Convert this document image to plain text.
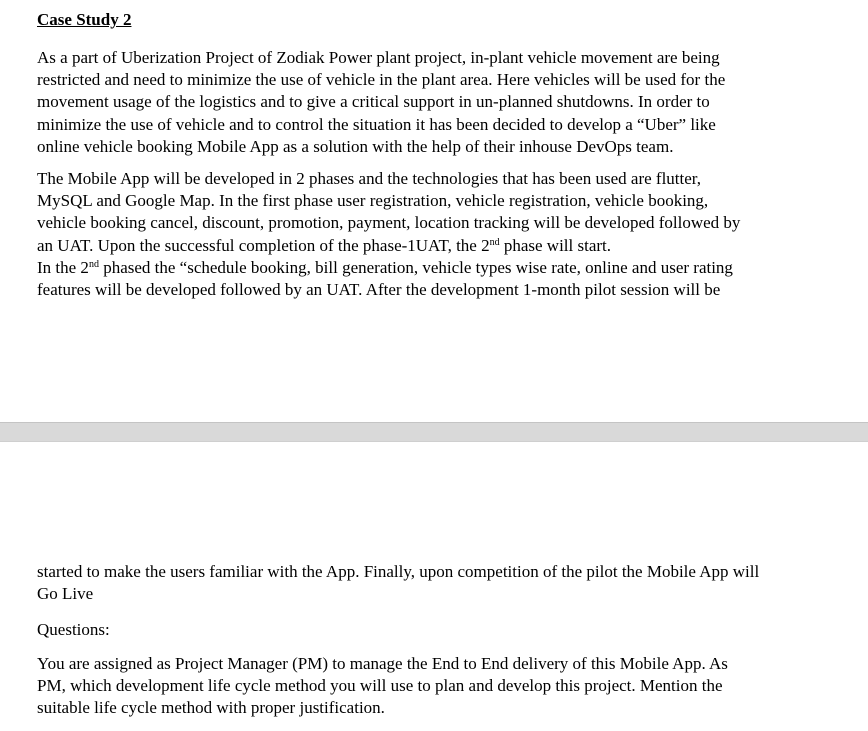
Case Study 2
As a part of Uberization Project of Zodiak Power plant project, in-plant vehicle movement are being
restricted and need to minimize the use of vehicle in the plant area. Here vehicles will be used for the
movement usage of the logistics and to give a critical support in un-planned shutdowns. In order to
minimize the use of vehicle and to control the situation it has been decided to develop a “Uber” like
online vehicle booking Mobile App as a solution with the help of their inhouse DevOps team.
The Mobile App will be developed in 2 phases and the technologies that has been used are flutter,
MySQL and Google Map. In the first phase user registration, vehicle registration, vehicle booking,
vehicle booking cancel, discount, promotion, payment, location tracking will be developed followed by
an UAT. Upon the successful completion of the phase-1UAT, the 2nd phase will start.
In the 2nd phased the “schedule booking, bill generation, vehicle types wise rate, online and user rating
features will be developed followed by an UAT. After the development 1-month pilot session will be
started to make the users familiar with the App. Finally, upon competition of the pilot the Mobile App will
Go Live
Questions:
You are assigned as Project Manager (PM) to manage the End to End delivery of this Mobile App. As
PM, which development life cycle method you will use to plan and develop this project. Mention the
suitable life cycle method with proper justification.
